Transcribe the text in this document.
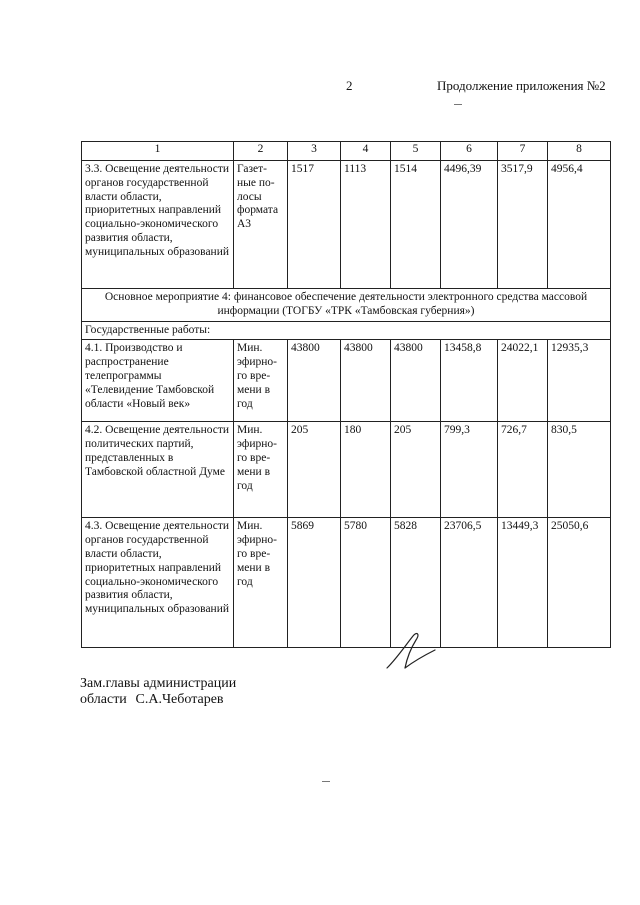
2	Продолжение приложения №2
1	2	3	4	5	6	7	8
3.3. Освещение деятельности органов государственной власти области, приоритетных направлений социально-экономического развития области, муниципальных образований	Газет-ные по-лосы формата А3	1517	1113	1514	4496,39	3517,9	4956,4
Основное мероприятие 4: финансовое обеспечение деятельности электронного средства массовой информации (ТОГБУ «ТРК «Тамбовская губерния»)							
Государственные работы:							
4.1. Производство и распространение телепрограммы «Телевидение Тамбовской области «Новый век»	Мин. эфирно-го вре-мени в год	43800	43800	43800	13458,8	24022,1	12935,3
4.2. Освещение деятельности политических партий, представленных в Тамбовской областной Думе	Мин. эфирно-го вре-мени в год	205	180	205	799,3	726,7	830,5
4.3. Освещение деятельности органов государственной власти области, приоритетных направлений социально-экономического развития области, муниципальных образований	Мин. эфирно-го вре-мени в год	5869	5780	5828	23706,5	13449,3	25050,6
Зам.главы администрации
области С.А.Чеботарев
